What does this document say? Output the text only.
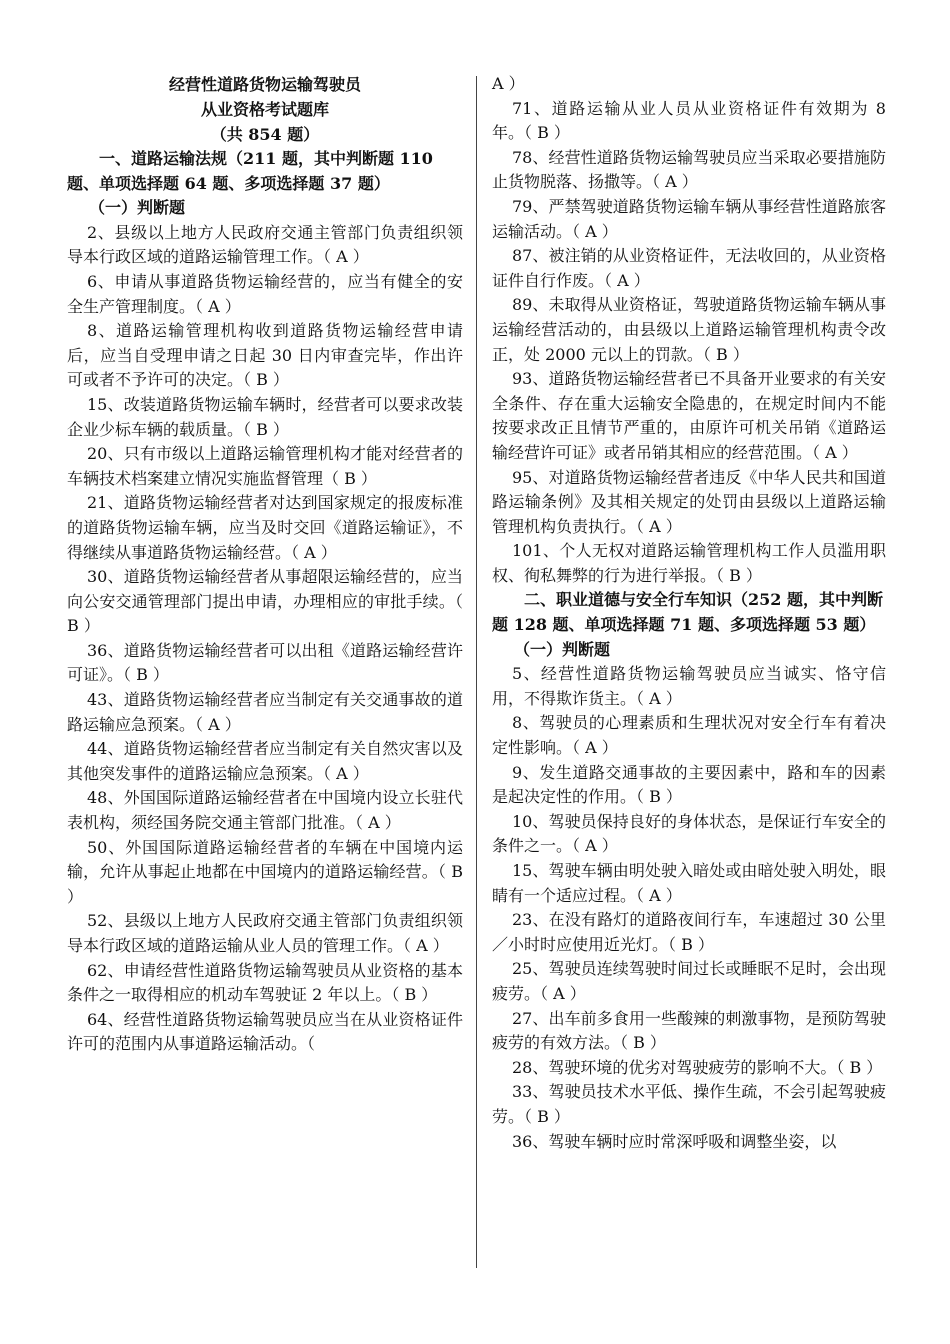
经营性道路货物运输驾驶员
从业资格考试题库
（共 854 题）

一、道路运输法规（211 题，其中判断题 110 题、单项选择题 64 题、多项选择题 37 题）

（一）判断题

2、县级以上地方人民政府交通主管部门负责组织领导本行政区域的道路运输管理工作。（ A ）

6、申请从事道路货物运输经营的，应当有健全的安全生产管理制度。（ A ）

8、道路运输管理机构收到道路货物运输经营申请后，应当自受理申请之日起 30 日内审查完毕，作出许可或者不予许可的决定。（ B ）

15、改装道路货物运输车辆时，经营者可以要求改装企业少标车辆的载质量。（ B ）

20、只有市级以上道路运输管理机构才能对经营者的车辆技术档案建立情况实施监督管理（ B ）

21、道路货物运输经营者对达到国家规定的报废标准的道路货物运输车辆，应当及时交回《道路运输证》，不得继续从事道路货物运输经营。（ A ）

30、道路货物运输经营者从事超限运输经营的，应当向公安交通管理部门提出申请，办理相应的审批手续。（ B ）

36、道路货物运输经营者可以出租《道路运输经营许可证》。（ B ）

43、道路货物运输经营者应当制定有关交通事故的道路运输应急预案。（ A ）

44、道路货物运输经营者应当制定有关自然灾害以及其他突发事件的道路运输应急预案。（ A ）

48、外国国际道路运输经营者在中国境内设立长驻代表机构，须经国务院交通主管部门批准。（ A ）

50、外国国际道路运输经营者的车辆在中国境内运输，允许从事起止地都在中国境内的道路运输经营。（ B ）

52、县级以上地方人民政府交通主管部门负责组织领导本行政区域的道路运输从业人员的管理工作。（ A ）

62、申请经营性道路货物运输驾驶员从业资格的基本条件之一取得相应的机动车驾驶证 2 年以上。（ B ）

64、经营性道路货物运输驾驶员应当在从业资格证件许可的范围内从事道路运输活动。（

A ）

71、道路运输从业人员从业资格证件有效期为 8 年。（ B ）

78、经营性道路货物运输驾驶员应当采取必要措施防止货物脱落、扬撒等。（ A ）

79、严禁驾驶道路货物运输车辆从事经营性道路旅客运输活动。（ A ）

87、被注销的从业资格证件，无法收回的，从业资格证件自行作废。（ A ）

89、未取得从业资格证，驾驶道路货物运输车辆从事运输经营活动的，由县级以上道路运输管理机构责令改正，处 2000 元以上的罚款。（ B ）

93、道路货物运输经营者已不具备开业要求的有关安全条件、存在重大运输安全隐患的，在规定时间内不能按要求改正且情节严重的，由原许可机关吊销《道路运输经营许可证》或者吊销其相应的经营范围。（ A ）

95、对道路货物运输经营者违反《中华人民共和国道路运输条例》及其相关规定的处罚由县级以上道路运输管理机构负责执行。（ A ）

101、个人无权对道路运输管理机构工作人员滥用职权、徇私舞弊的行为进行举报。（ B ）

二、职业道德与安全行车知识（252 题，其中判断题 128 题、单项选择题 71 题、多项选择题 53 题）

（一）判断题

5、经营性道路货物运输驾驶员应当诚实、恪守信用，不得欺诈货主。（ A ）

8、驾驶员的心理素质和生理状况对安全行车有着决定性影响。（ A ）

9、发生道路交通事故的主要因素中，路和车的因素是起决定性的作用。（ B ）

10、驾驶员保持良好的身体状态，是保证行车安全的条件之一。（ A ）

15、驾驶车辆由明处驶入暗处或由暗处驶入明处，眼睛有一个适应过程。（ A ）

23、在没有路灯的道路夜间行车，车速超过 30 公里／小时时应使用近光灯。（ B ）

25、驾驶员连续驾驶时间过长或睡眠不足时，会出现疲劳。（ A ）

27、出车前多食用一些酸辣的刺激事物，是预防驾驶疲劳的有效方法。（ B ）

28、驾驶环境的优劣对驾驶疲劳的影响不大。（ B ）

33、驾驶员技术水平低、操作生疏，不会引起驾驶疲劳。（ B ）

36、驾驶车辆时应时常深呼吸和调整坐姿，以
